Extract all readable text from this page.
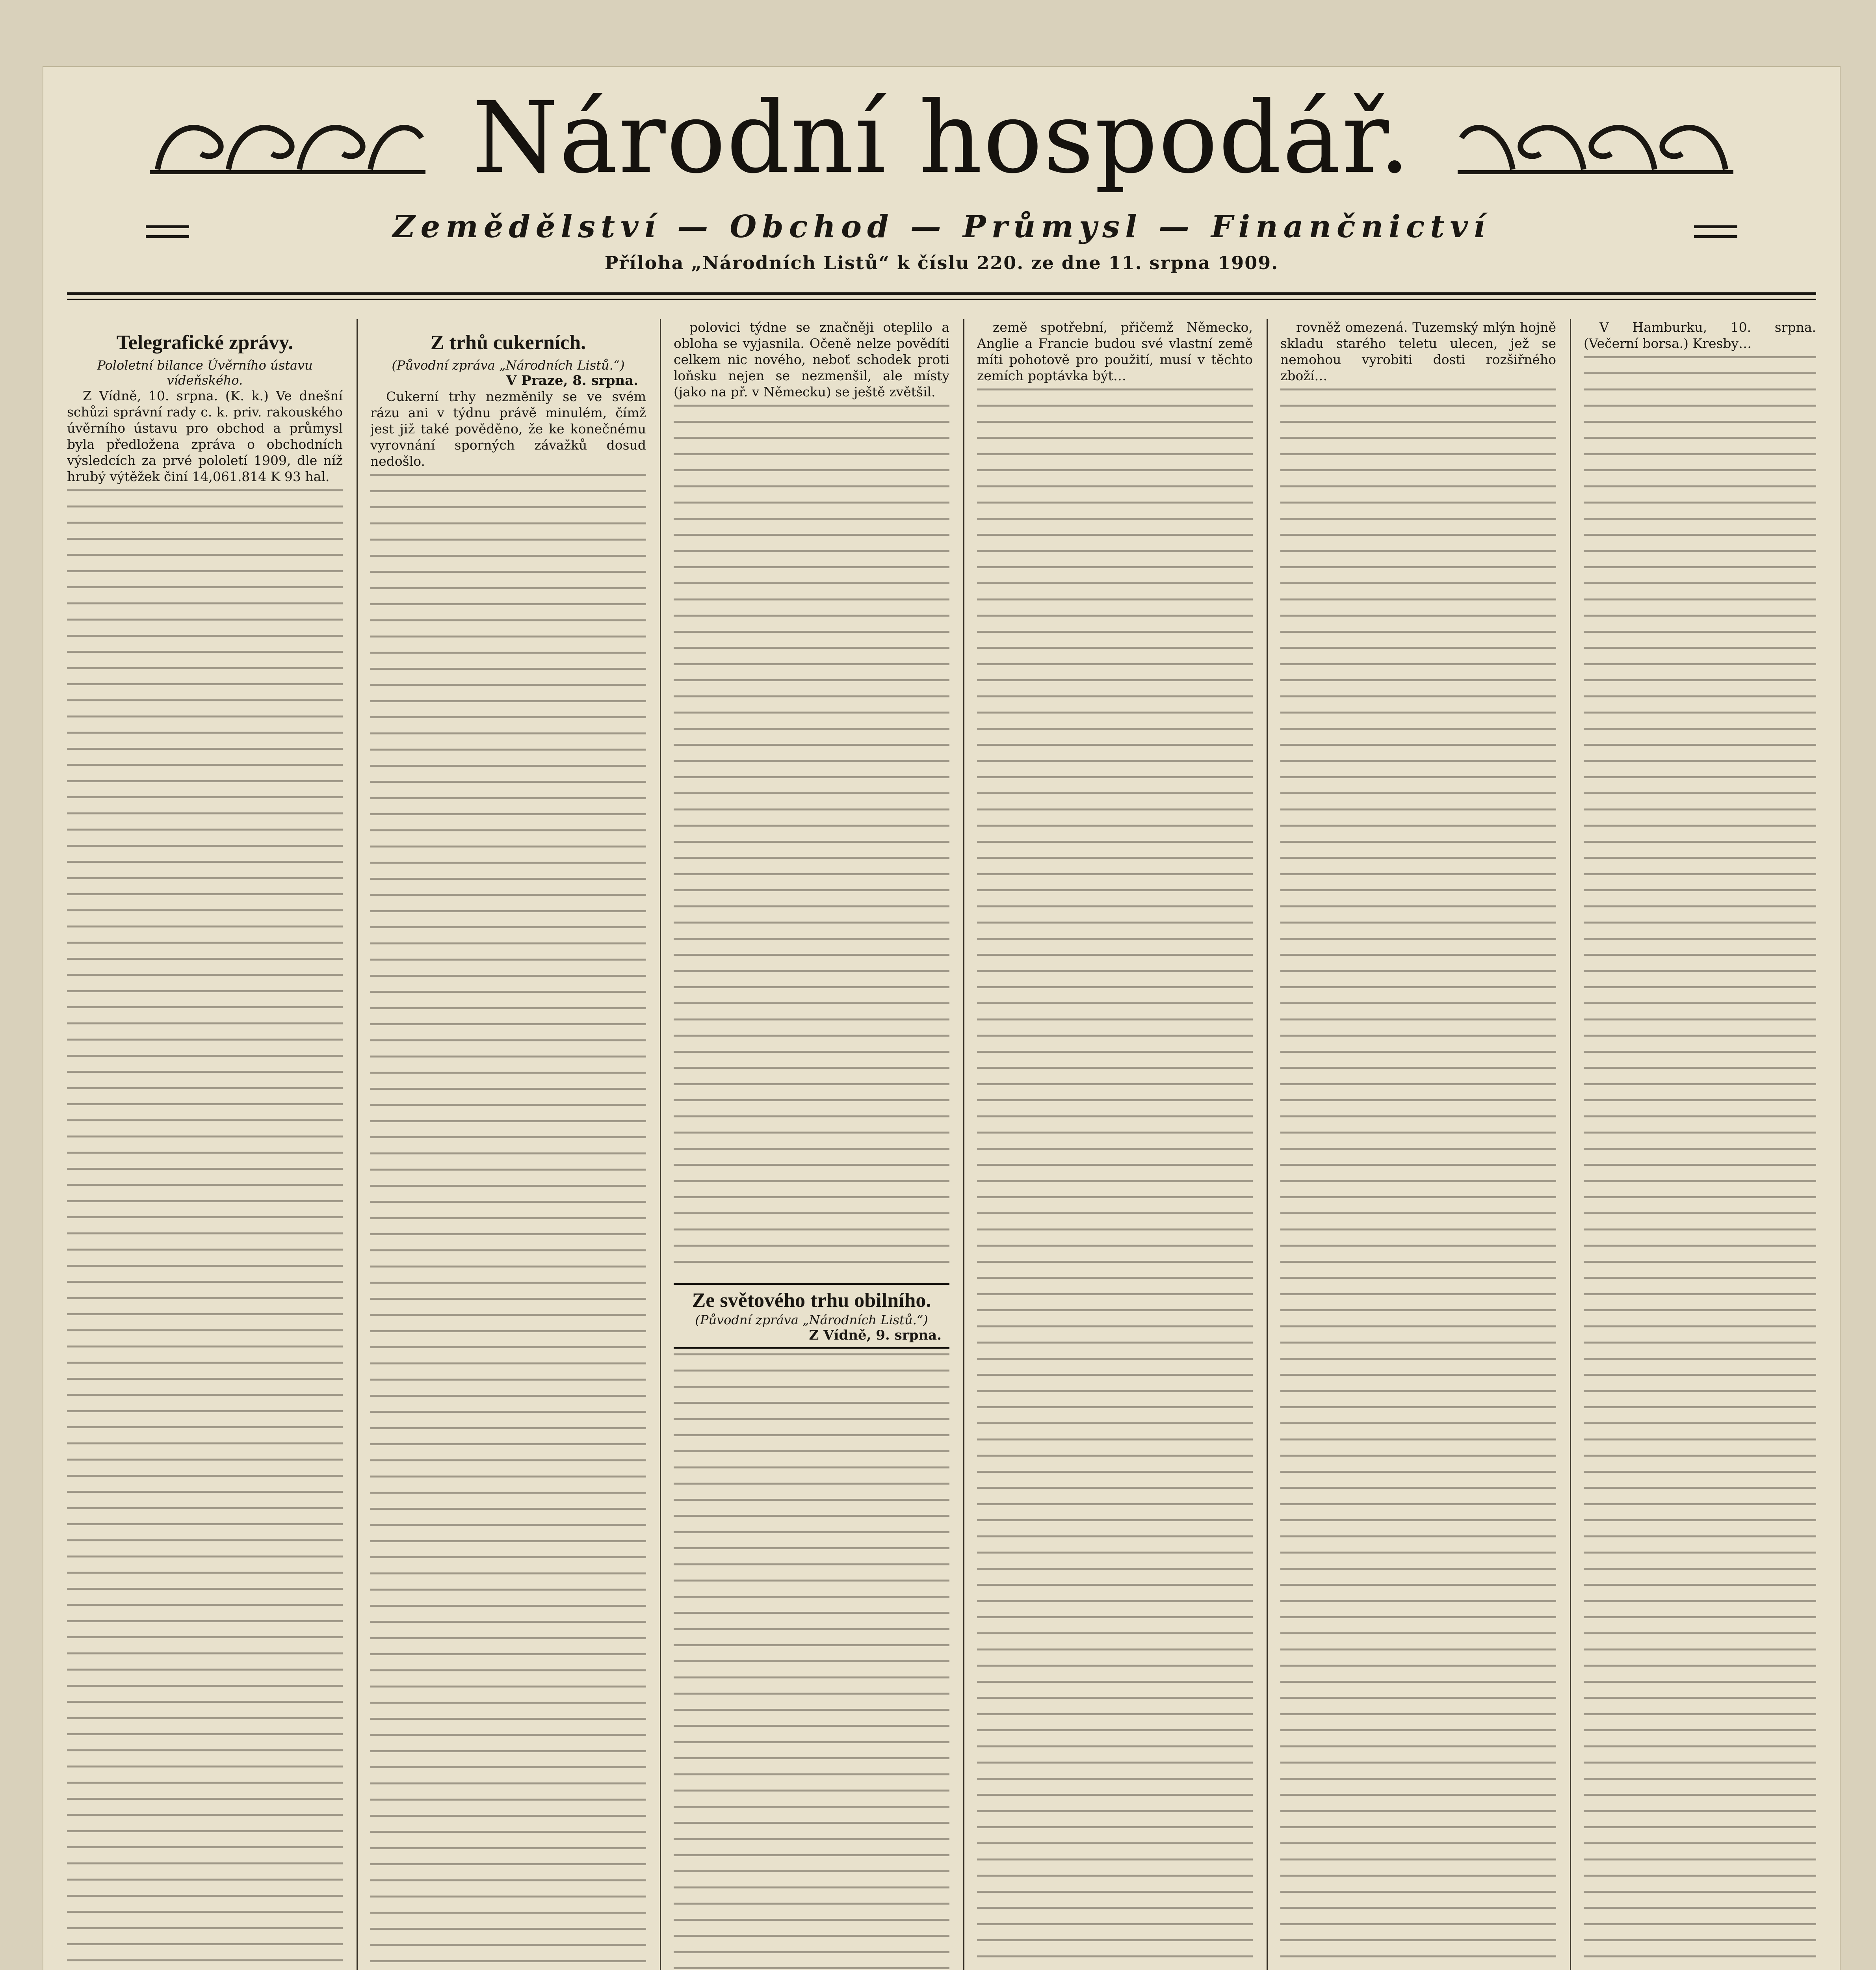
Národní hospodář.
Zemědělství — Obchod — Průmysl — Finančnictví
Příloha „Národních Listů“ k číslu 220. ze dne 11. srpna 1909.
Telegrafické zprávy.
Pololetní bilance Úvěrního ústavu vídeňského.

Z Vídně, 10. srpna. (K. k.) Ve dnešní schůzi správní rady c. k. priv. rakouského úvěrního ústavu pro obchod a průmysl byla předložena zpráva o obchodních výsledcích za prvé pololetí 1909, dle níž hrubý výtěžek činí 14,061.814 K 93 hal.

Z trhů cukerních.
(Původní zpráva „Národních Listů.“)
V Praze, 8. srpna.

Cukerní trhy nezměnily se ve svém rázu ani v týdnu právě minulém, čímž jest již také pověděno, že ke konečnému vyrovnání sporných závažků dosud nedošlo.

polovici týdne se značněji oteplilo a obloha se vyjasnila. Očeně nelze povědíti celkem nic nového, neboť schodek proti loňsku nejen se nezmenšil, ale místy (jako na př. v Německu) se ještě zvětšil.

Ze světového trhu obilního.
(Původní zpráva „Národních Listů.“)
Z Vídně, 9. srpna.

země spotřební, přičemž Německo, Anglie a Francie budou své vlastní země míti pohotově pro použití, musí v těchto zemích poptávka být…

rovněž omezená. Tuzemský mlýn hojně skladu starého teletu ulecen, jež se nemohou vyrobiti dosti rozšiřného zboží…

V Hamburku, 10. srpna. (Večerní borsa.) Kresby…
